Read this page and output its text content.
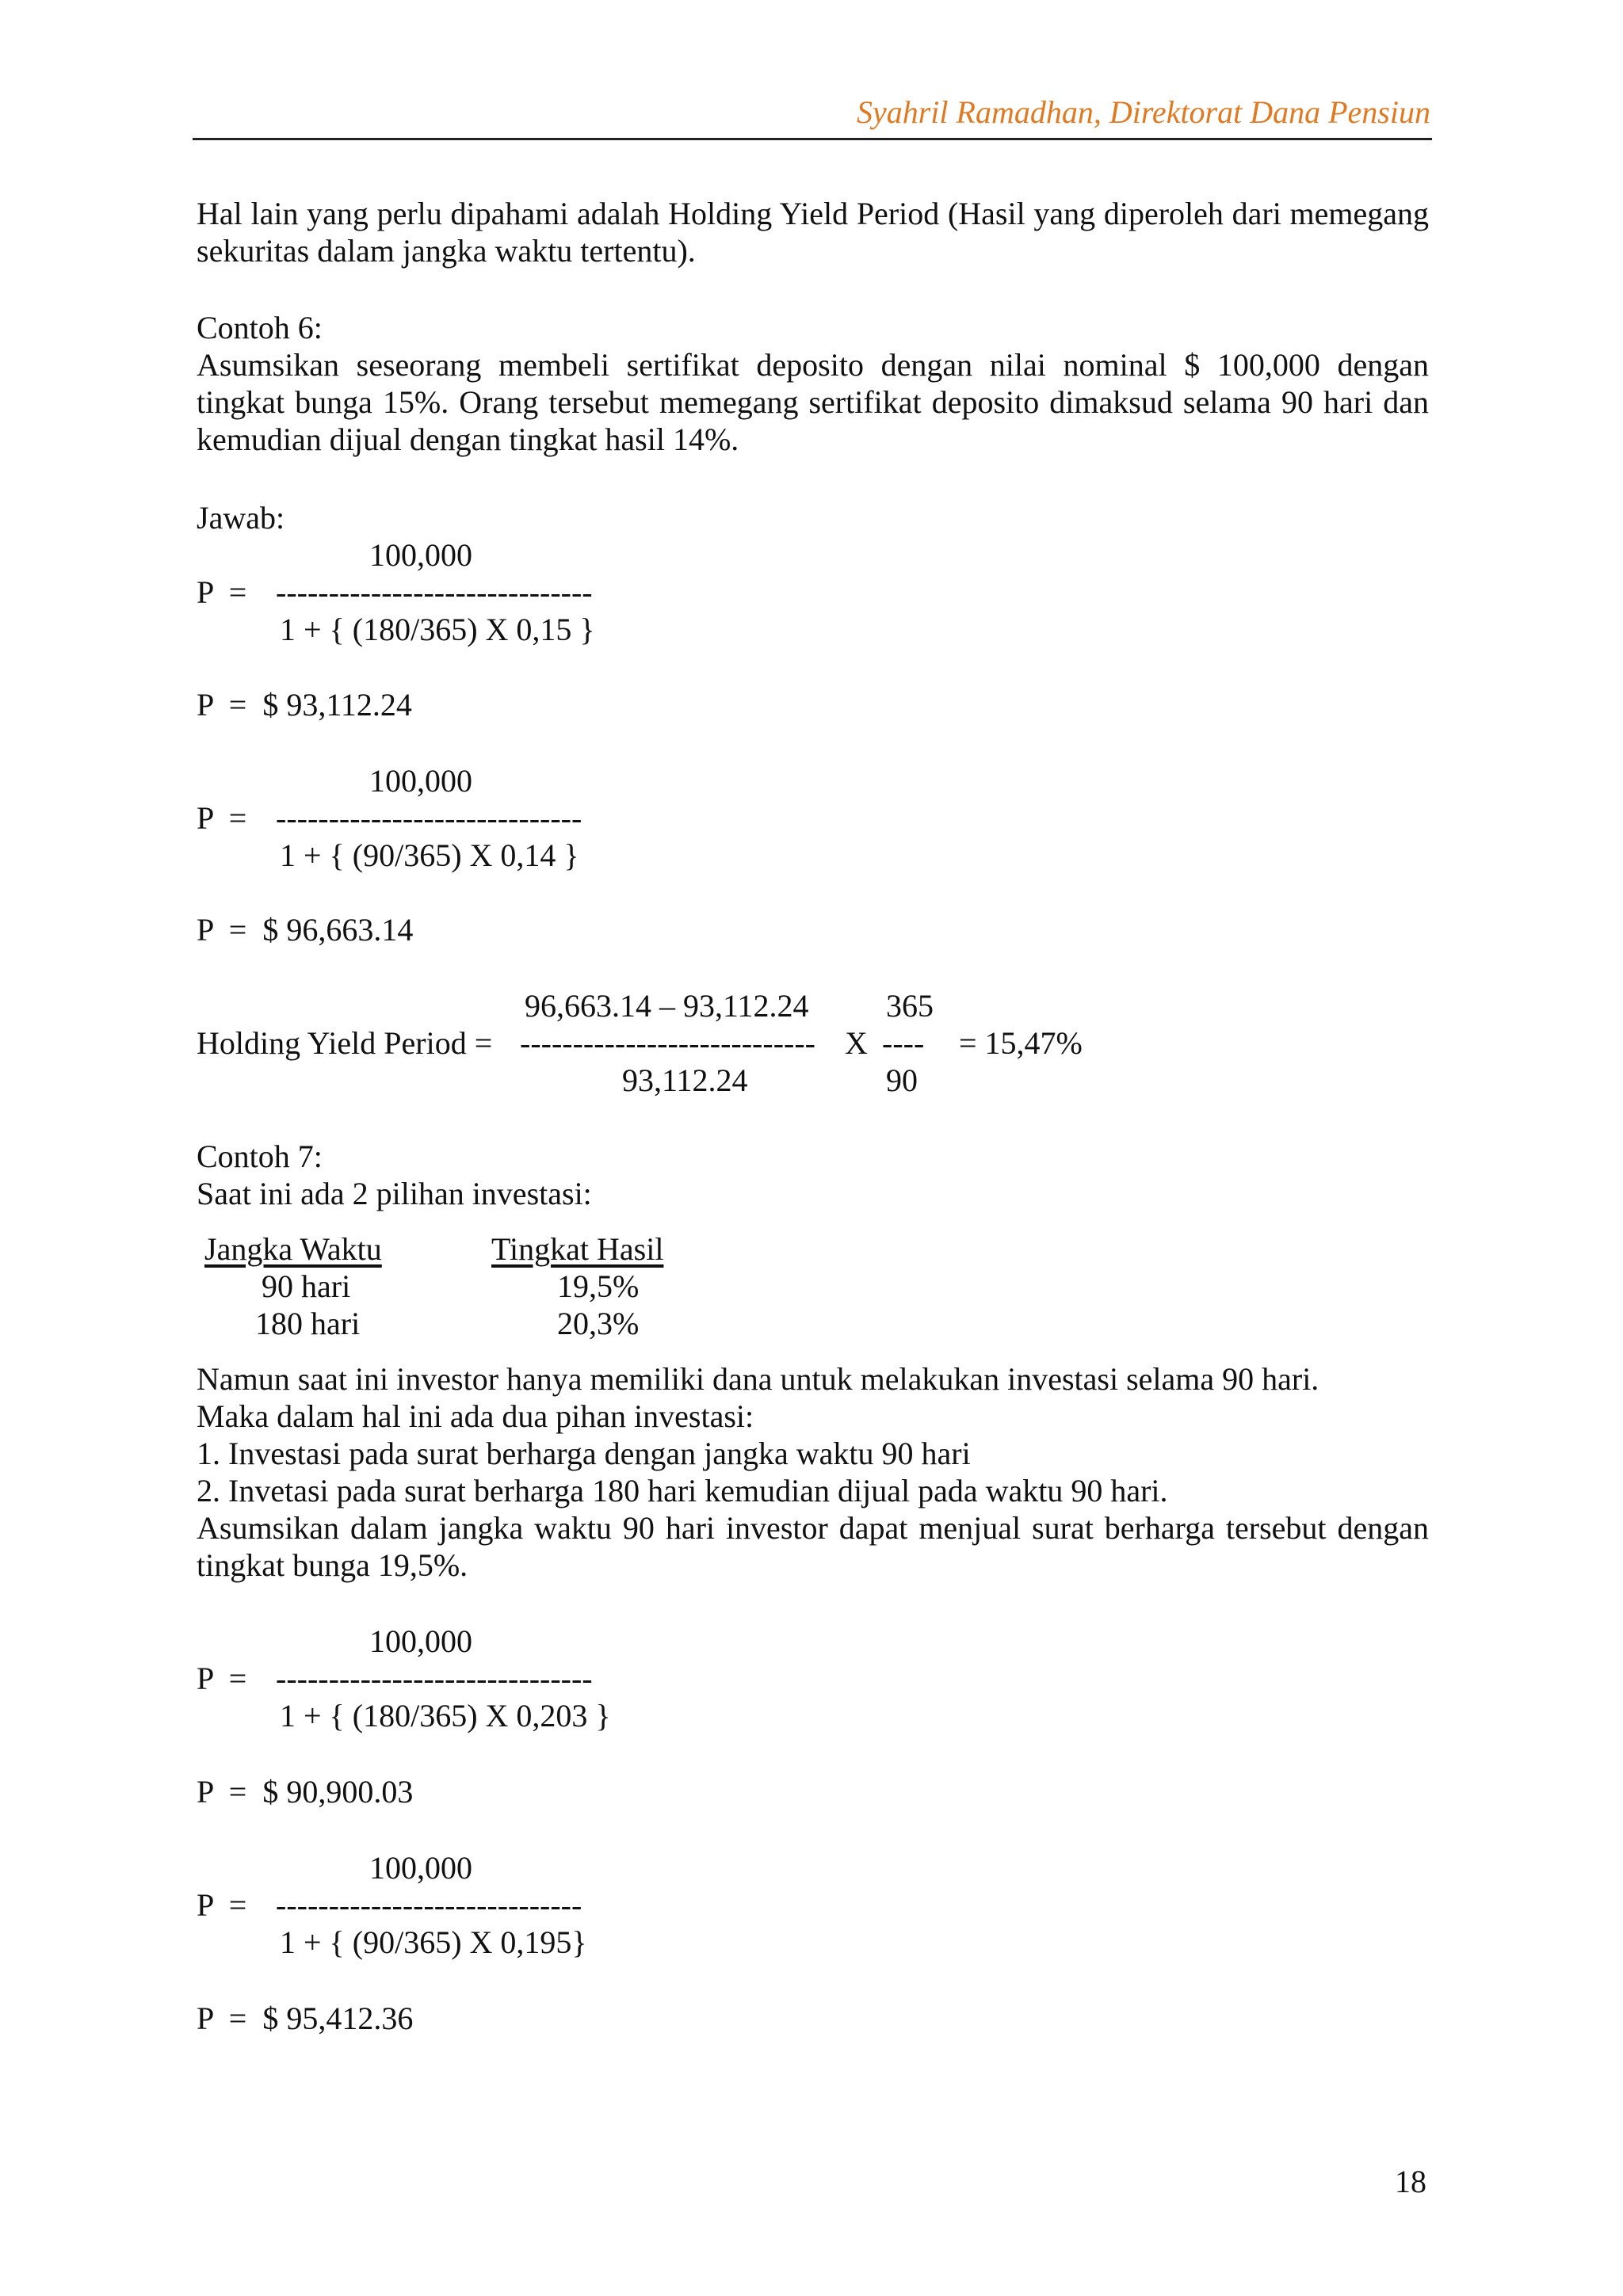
Syahril Ramadhan, Direktorat Dana Pensiun
Hal lain yang perlu dipahami adalah Holding Yield Period (Hasil yang diperoleh dari memegang sekuritas dalam jangka waktu tertentu).
Contoh 6:
Asumsikan seseorang membeli sertifikat deposito dengan nilai nominal $ 100,000 dengan tingkat bunga 15%. Orang tersebut memegang sertifikat deposito dimaksud selama 90 hari dan kemudian dijual dengan tingkat hasil 14%.
Jawab:
100,000
P  = ------------------------------
1 + { (180/365) X 0,15 }
P  =  $ 93,112.24
100,000
P  = -----------------------------
1 + { (90/365) X 0,14 }
P  =  $ 96,663.14
96,663.14 – 93,112.24 365
Holding Yield Period = ---------------------------- X ---- = 15,47%
93,112.24	90
Contoh 7:
Saat ini ada 2 pilihan investasi:
Jangka Waktu	Tingkat Hasil
90 hari	19,5%
180 hari	20,3%
Namun saat ini investor hanya memiliki dana untuk melakukan investasi selama 90 hari.
Maka dalam hal ini ada dua pihan investasi:
1. Investasi pada surat berharga dengan jangka waktu 90 hari
2. Invetasi pada surat berharga 180 hari kemudian dijual pada waktu 90 hari.
Asumsikan dalam jangka waktu 90 hari investor dapat menjual surat berharga tersebut dengan tingkat bunga 19,5%.
100,000
P  = ------------------------------
1 + { (180/365) X 0,203 }
P  =  $ 90,900.03
100,000
P  = -----------------------------
1 + { (90/365) X 0,195}
P  =  $ 95,412.36
18
